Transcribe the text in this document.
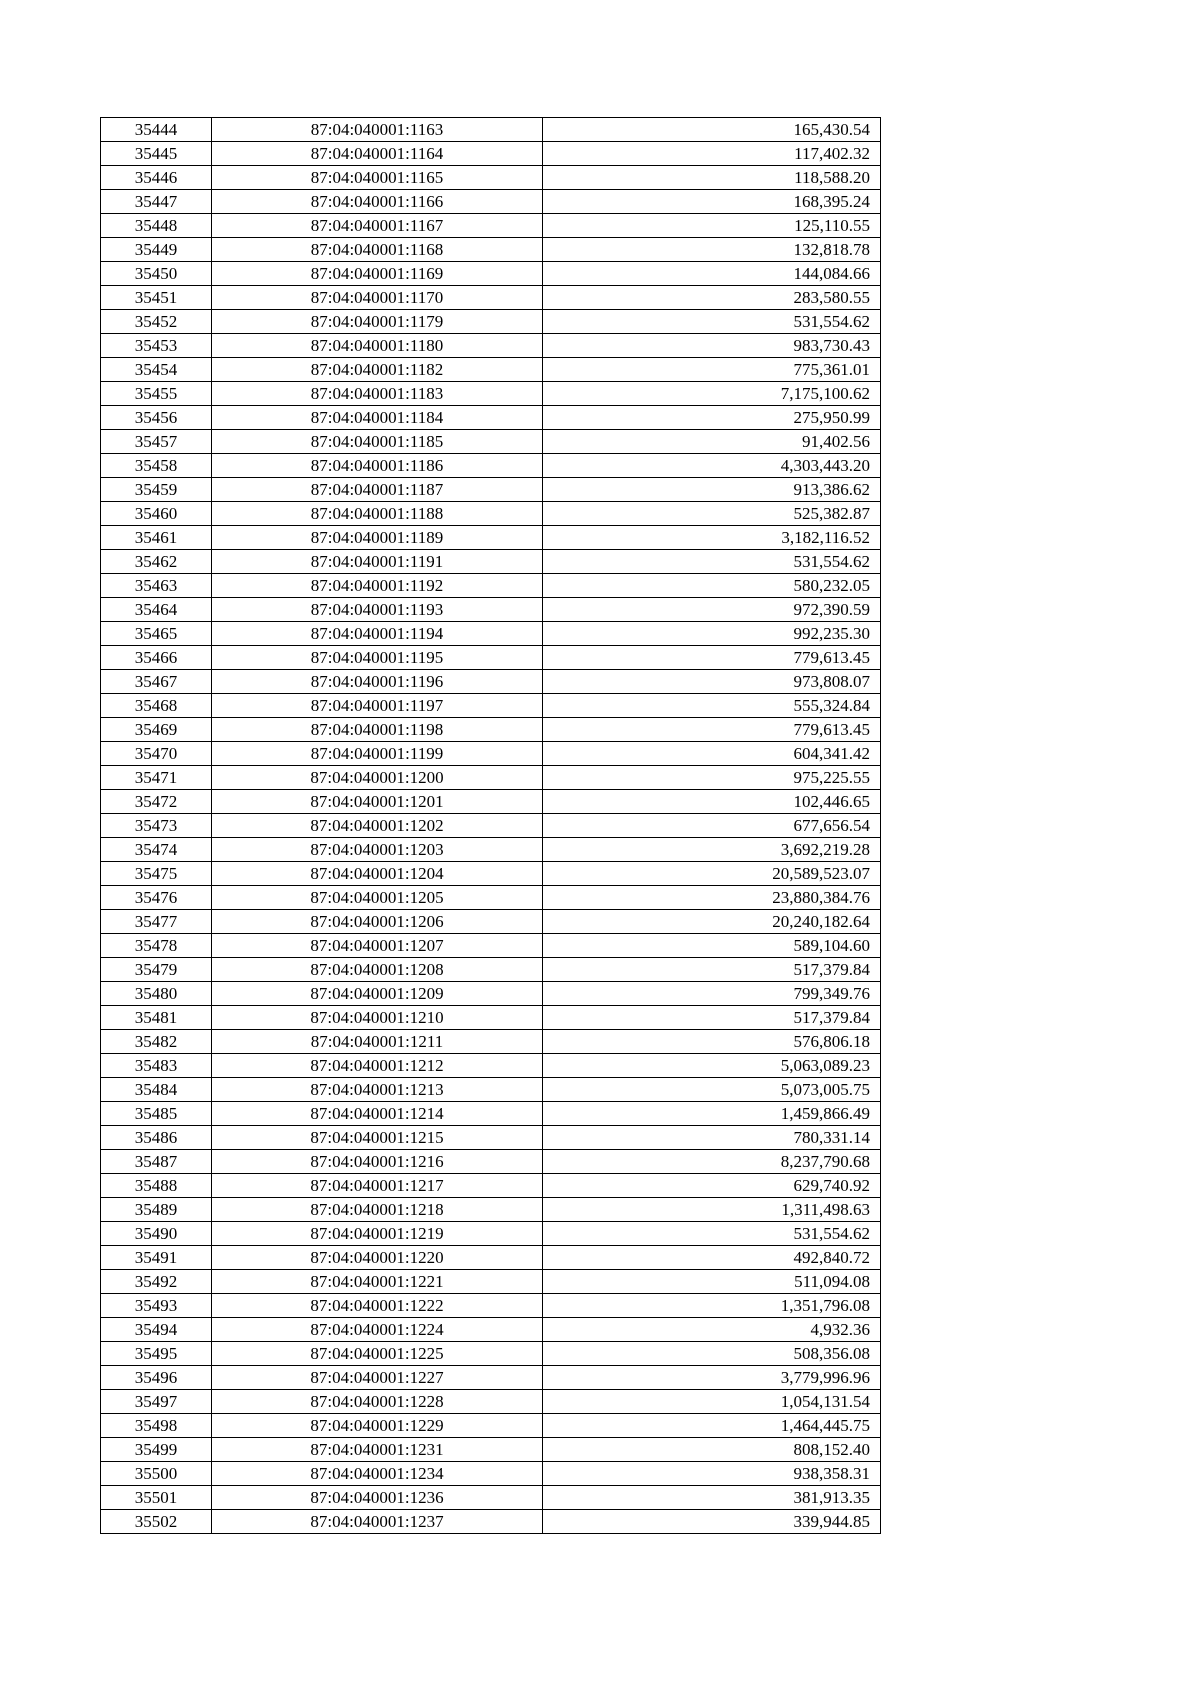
35444	87:04:040001:1163	165,430.54
35445	87:04:040001:1164	117,402.32
35446	87:04:040001:1165	118,588.20
35447	87:04:040001:1166	168,395.24
35448	87:04:040001:1167	125,110.55
35449	87:04:040001:1168	132,818.78
35450	87:04:040001:1169	144,084.66
35451	87:04:040001:1170	283,580.55
35452	87:04:040001:1179	531,554.62
35453	87:04:040001:1180	983,730.43
35454	87:04:040001:1182	775,361.01
35455	87:04:040001:1183	7,175,100.62
35456	87:04:040001:1184	275,950.99
35457	87:04:040001:1185	91,402.56
35458	87:04:040001:1186	4,303,443.20
35459	87:04:040001:1187	913,386.62
35460	87:04:040001:1188	525,382.87
35461	87:04:040001:1189	3,182,116.52
35462	87:04:040001:1191	531,554.62
35463	87:04:040001:1192	580,232.05
35464	87:04:040001:1193	972,390.59
35465	87:04:040001:1194	992,235.30
35466	87:04:040001:1195	779,613.45
35467	87:04:040001:1196	973,808.07
35468	87:04:040001:1197	555,324.84
35469	87:04:040001:1198	779,613.45
35470	87:04:040001:1199	604,341.42
35471	87:04:040001:1200	975,225.55
35472	87:04:040001:1201	102,446.65
35473	87:04:040001:1202	677,656.54
35474	87:04:040001:1203	3,692,219.28
35475	87:04:040001:1204	20,589,523.07
35476	87:04:040001:1205	23,880,384.76
35477	87:04:040001:1206	20,240,182.64
35478	87:04:040001:1207	589,104.60
35479	87:04:040001:1208	517,379.84
35480	87:04:040001:1209	799,349.76
35481	87:04:040001:1210	517,379.84
35482	87:04:040001:1211	576,806.18
35483	87:04:040001:1212	5,063,089.23
35484	87:04:040001:1213	5,073,005.75
35485	87:04:040001:1214	1,459,866.49
35486	87:04:040001:1215	780,331.14
35487	87:04:040001:1216	8,237,790.68
35488	87:04:040001:1217	629,740.92
35489	87:04:040001:1218	1,311,498.63
35490	87:04:040001:1219	531,554.62
35491	87:04:040001:1220	492,840.72
35492	87:04:040001:1221	511,094.08
35493	87:04:040001:1222	1,351,796.08
35494	87:04:040001:1224	4,932.36
35495	87:04:040001:1225	508,356.08
35496	87:04:040001:1227	3,779,996.96
35497	87:04:040001:1228	1,054,131.54
35498	87:04:040001:1229	1,464,445.75
35499	87:04:040001:1231	808,152.40
35500	87:04:040001:1234	938,358.31
35501	87:04:040001:1236	381,913.35
35502	87:04:040001:1237	339,944.85
